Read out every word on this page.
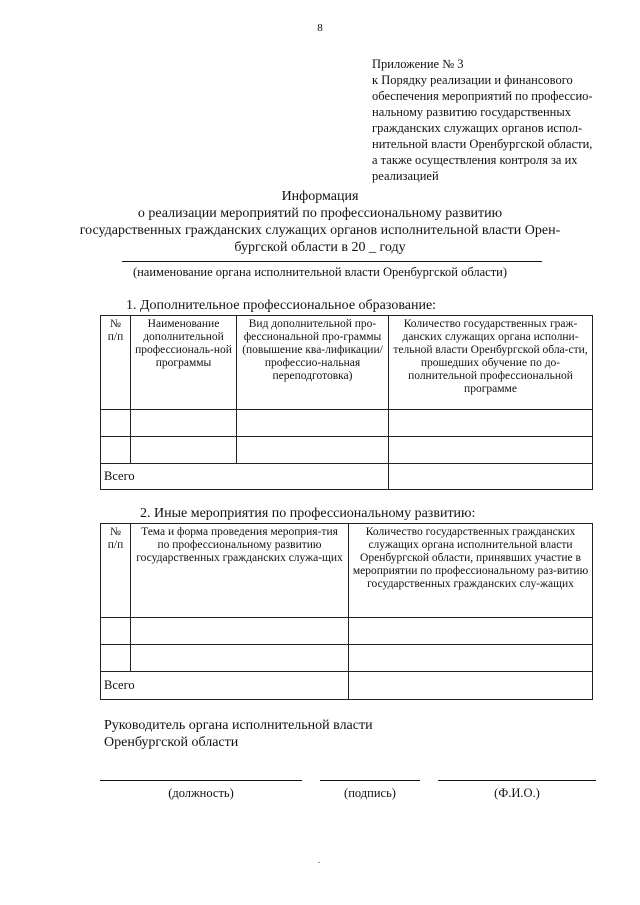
8
Приложение № 3
к Порядку реализации и финансового
обеспечения мероприятий по профессио-
нальному развитию государственных
гражданских служащих органов испол-
нительной власти Оренбургской области,
а также осуществления контроля за их
реализацией
Информация
о реализации мероприятий по профессиональному развитию
государственных гражданских служащих органов исполнительной власти Орен-
бургской области в 20 _ году
(наименование органа исполнительной власти Оренбургской области)
1. Дополнительное профессиональное образование:
№ п/п	Наименование дополнительной профессиональ-ной программы	Вид дополнительной про-фессиональной про-граммы (повышение ква-лификации/профессио-нальная переподготовка)	Количество государственных граж-данских служащих органа исполни-тельной власти Оренбургской обла-сти, прошедших обучение по до-полнительной профессиональной программе

Всего			
2. Иные мероприятия по профессиональному развитию:
№ п/п	Тема и форма проведения мероприя-тия по профессиональному развитию государственных гражданских служа-щих	Количество государственных гражданских служащих органа исполнительной власти Оренбургской области, принявших участие в мероприятии по профессиональному раз-витию государственных гражданских слу-жащих

Всего		
Руководитель органа исполнительной власти
Оренбургской области
(должность)	(подпись)	(Ф.И.О.)
